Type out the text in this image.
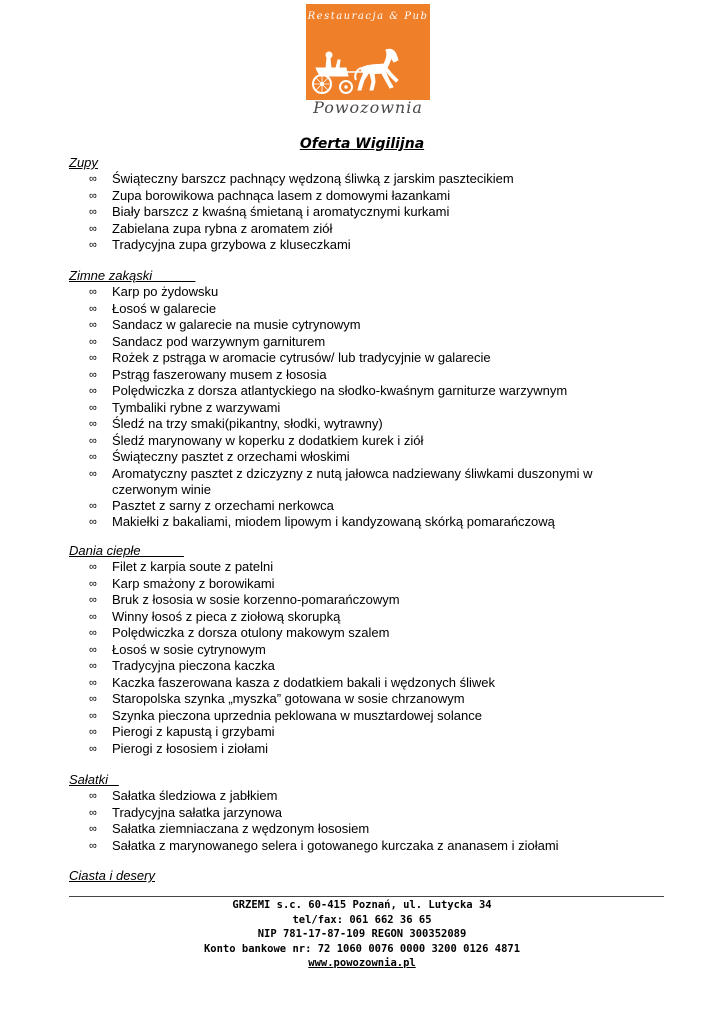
Restauracja & Pub
Powozownia
Oferta Wigilijna
Zupy
∞ Świąteczny barszcz pachnący wędzoną śliwką z jarskim pasztecikiem
∞ Zupa borowikowa pachnąca lasem z domowymi łazankami
∞ Biały barszcz z kwaśną śmietaną i aromatycznymi kurkami
∞ Zabielana zupa rybna z aromatem ziół
∞ Tradycyjna zupa grzybowa z kluseczkami
Zimne zakąski
∞ Karp po żydowsku
∞ Łosoś w galarecie
∞ Sandacz w galarecie na musie cytrynowym
∞ Sandacz pod warzywnym garniturem
∞ Rożek z pstrąga w aromacie cytrusów/ lub tradycyjnie w galarecie
∞ Pstrąg faszerowany musem z łososia
∞ Polędwiczka z dorsza atlantyckiego na słodko-kwaśnym garniturze warzywnym
∞ Tymbaliki rybne z warzywami
∞ Śledź na trzy smaki(pikantny, słodki, wytrawny)
∞ Śledź marynowany w koperku z dodatkiem kurek i ziół
∞ Świąteczny pasztet z orzechami włoskimi
∞ Aromatyczny pasztet z dziczyzny z nutą jałowca nadziewany śliwkami duszonymi w czerwonym winie
∞ Pasztet z sarny z orzechami nerkowca
∞ Makiełki z bakaliami, miodem lipowym i kandyzowaną skórką pomarańczową
Dania ciepłe
∞ Filet z karpia soute z patelni
∞ Karp smażony z borowikami
∞ Bruk z łososia w sosie korzenno-pomarańczowym
∞ Winny łosoś z pieca z ziołową skorupką
∞ Polędwiczka z dorsza otulony makowym szalem
∞ Łosoś w sosie cytrynowym
∞ Tradycyjna pieczona kaczka
∞ Kaczka faszerowana kasza z dodatkiem bakali i wędzonych śliwek
∞ Staropolska szynka „myszka” gotowana w sosie chrzanowym
∞ Szynka pieczona uprzednia peklowana w musztardowej solance
∞ Pierogi z kapustą i grzybami
∞ Pierogi z łososiem i ziołami
Sałatki
∞ Sałatka śledziowa z jabłkiem
∞ Tradycyjna sałatka jarzynowa
∞ Sałatka ziemniaczana z wędzonym łososiem
∞ Sałatka z marynowanego selera i gotowanego kurczaka z ananasem i ziołami
Ciasta i desery
GRZEMI s.c. 60-415 Poznań, ul. Lutycka 34
tel/fax: 061 662 36 65
NIP 781-17-87-109 REGON 300352089
Konto bankowe nr: 72 1060 0076 0000 3200 0126 4871
www.powozownia.pl
